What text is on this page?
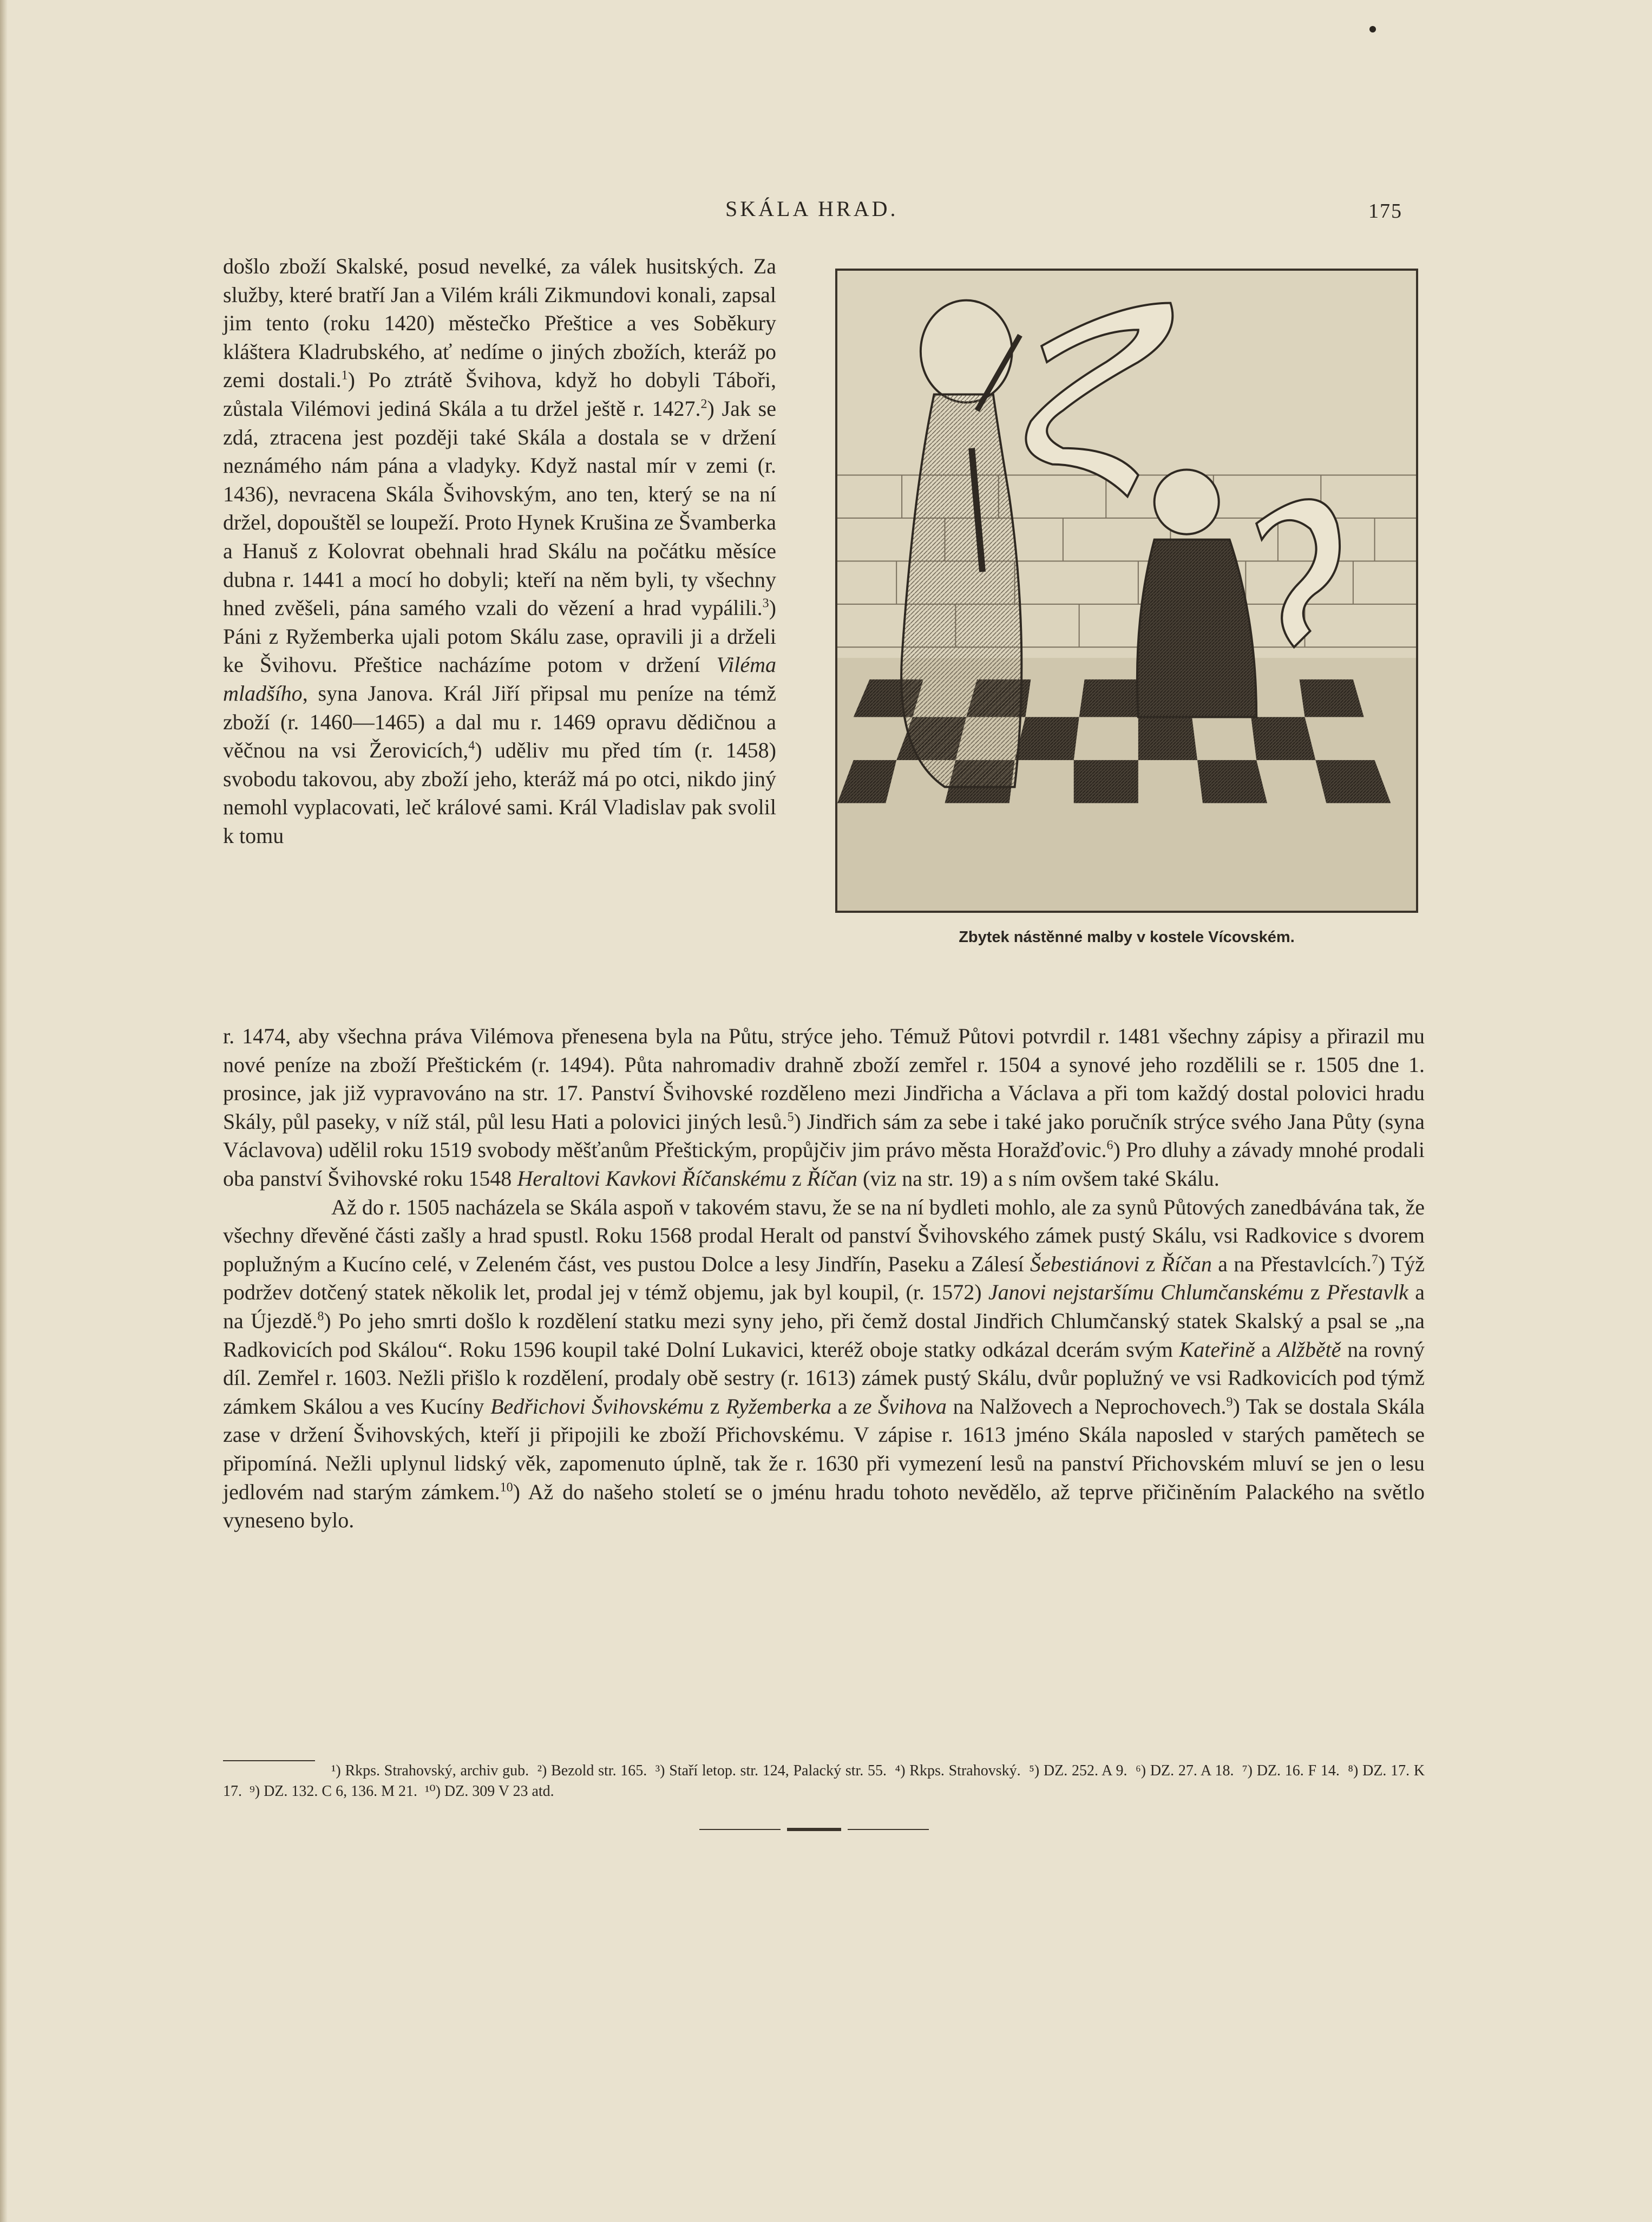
SKÁLA HRAD.	175
došlo zboží Skalské, posud nevelké, za válek husitských. Za služby, které bratří Jan a Vilém králi Zikmundovi konali, zapsal jim tento (roku 1420) městečko Přeštice a ves Soběkury kláštera Kladrubského, ať nedíme o jiných zbožích, kteráž po zemi dostali.$^1$) Po ztrátě Švihova, když ho dobyli Táboři, zůstala Vilémovi jediná Skála a tu držel ještě r. 1427.$^2$) Jak se zdá, ztracena jest později také Skála a dostala se v držení neznámého nám pána a vladyky. Když nastal mír v zemi (r. 1436), nevracena Skála Švihovským, ano ten, který se na ní držel, dopouštěl se loupeží. Proto Hynek Krušina ze Švamberka a Hanuš z Kolovrat obehnali hrad Skálu na počátku měsíce dubna r. 1441 a mocí ho dobyli; kteří na něm byli, ty všechny hned zvěšeli, pána samého vzali do vězení a hrad vypálili.$^3$) Páni z Ryžemberka ujali potom Skálu zase, opravili ji a drželi ke Švihovu. Přeštice nacházíme potom v držení Viléma mladšího, syna Janova. Král Jiří připsal mu peníze na témž zboží (r. 1460—1465) a dal mu r. 1469 opravu dědičnou a věčnou na vsi Žerovicích,$^4$) uděliv mu před tím (r. 1458) svobodu takovou, aby zboží jeho, kteráž má po otci, nikdo jiný nemohl vyplacovati, leč králové sami. Král Vladislav pak svolil k tomu
Zbytek nástěnné malby v kostele Vícovském.

r. 1474, aby všechna práva Vilémova přenesena byla na Půtu, strýce jeho. Témuž Půtovi potvrdil r. 1481 všechny zápisy a přirazil mu nové peníze na zboží Přeštickém (r. 1494). Půta nahromadiv drahně zboží zemřel r. 1504 a synové jeho rozdělili se r. 1505 dne 1. prosince, jak již vypravováno na str. 17. Panství Švihovské rozděleno mezi Jindřicha a Václava a při tom každý dostal polovici hradu Skály, půl paseky, v níž stál, půl lesu Hati a polovici jiných lesů.$^5$) Jindřich sám za sebe i také jako poručník strýce svého Jana Půty (syna Václavova) udělil roku 1519 svobody měšťanům Přeštickým, propůjčiv jim právo města Horažďovic.$^6$) Pro dluhy a závady mnohé prodali oba panství Švihovské roku 1548 Heraltovi Kavkovi Říčanskému z Říčan (viz na str. 19) a s ním ovšem také Skálu.

Až do r. 1505 nacházela se Skála aspoň v takovém stavu, že se na ní bydleti mohlo, ale za synů Půtových zanedbávána tak, že všechny dřevěné části zašly a hrad spustl. Roku 1568 prodal Heralt od panství Švihovského zámek pustý Skálu, vsi Radkovice s dvorem poplužným a Kucíno celé, v Zeleném část, ves pustou Dolce a lesy Jindřín, Paseku a Zálesí Šebestiánovi z Říčan a na Přestavlcích.$^7$) Týž podržev dotčený statek několik let, prodal jej v témž objemu, jak byl koupil, (r. 1572) Janovi nejstaršímu Chlumčanskému z Přestavlk a na Újezdě.$^8$) Po jeho smrti došlo k rozdělení statku mezi syny jeho, při čemž dostal Jindřich Chlumčanský statek Skalský a psal se „na Radkovicích pod Skálou“. Roku 1596 koupil také Dolní Lukavici, kteréž oboje statky odkázal dcerám svým Kateřině a Alžbětě na rovný díl. Zemřel r. 1603. Nežli přišlo k rozdělení, prodaly obě sestry (r. 1613) zámek pustý Skálu, dvůr poplužný ve vsi Radkovicích pod týmž zámkem Skálou a ves Kucíny Bedřichovi Švihovskému z Ryžemberka a ze Švihova na Nalžovech a Neprochovech.$^9$) Tak se dostala Skála zase v držení Švihovských, kteří ji připojili ke zboží Přichovskému. V zápise r. 1613 jméno Skála naposled v starých pamětech se připomíná. Nežli uplynul lidský věk, zapomenuto úplně, tak že r. 1630 při vymezení lesů na panství Přichovském mluví se jen o lesu jedlovém nad starým zámkem.$^{10}$) Až do našeho století se o jménu hradu tohoto nevědělo, až teprve přičiněním Palackého na světlo vyneseno bylo.

¹) Rkps. Strahovský, archiv gub. ²) Bezold str. 165. ³) Staří letop. str. 124, Palacký str. 55. ⁴) Rkps. Strahovský. ⁵) DZ. 252. A 9. ⁶) DZ. 27. A 18. ⁷) DZ. 16. F 14. ⁸) DZ. 17. K 17. ⁹) DZ. 132. C 6, 136. M 21. ¹⁰) DZ. 309 V 23 atd.
